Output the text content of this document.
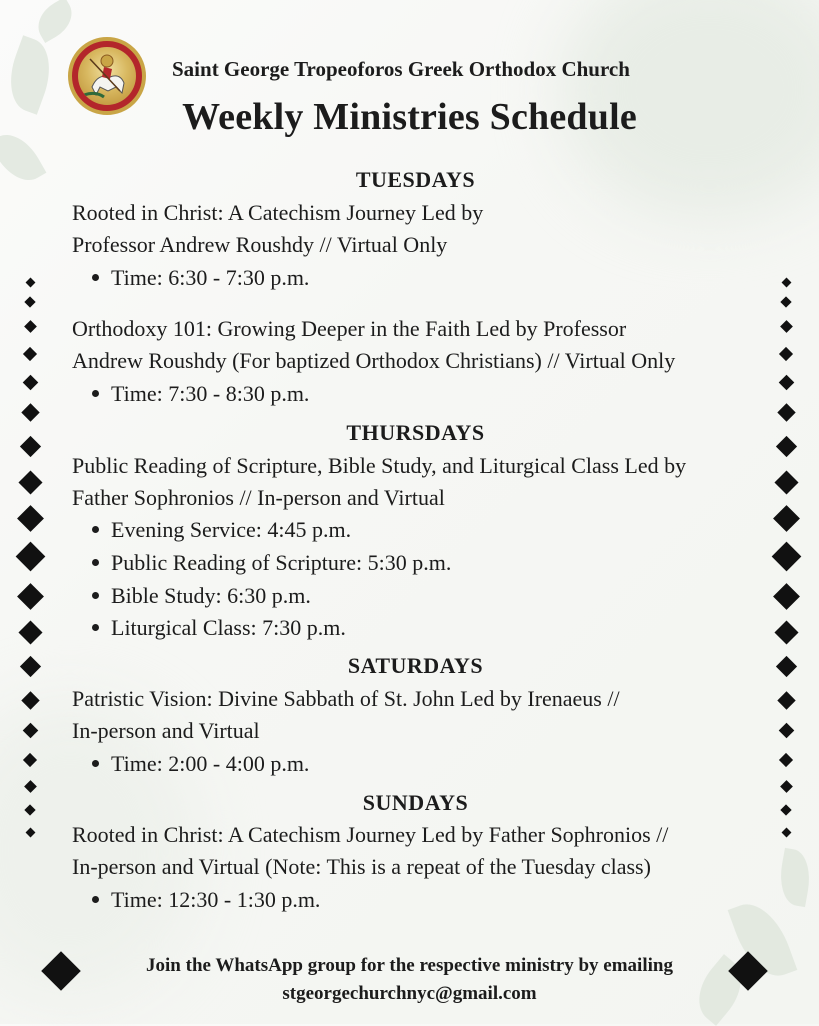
Saint George Tropeoforos Greek Orthodox Church
Weekly Ministries Schedule
TUESDAYS
Rooted in Christ: A Catechism Journey Led by
Professor Andrew Roushdy // Virtual Only
Time: 6:30 - 7:30 p.m.
Orthodoxy 101: Growing Deeper in the Faith Led by Professor
Andrew Roushdy (For baptized Orthodox Christians) // Virtual Only
Time: 7:30 - 8:30 p.m.
THURSDAYS
Public Reading of Scripture, Bible Study, and Liturgical Class Led by
Father Sophronios // In-person and Virtual
Evening Service: 4:45 p.m.
Public Reading of Scripture: 5:30 p.m.
Bible Study: 6:30 p.m.
Liturgical Class: 7:30 p.m.
SATURDAYS
Patristic Vision: Divine Sabbath of St. John Led by Irenaeus //
In-person and Virtual
Time: 2:00 - 4:00 p.m.
SUNDAYS
Rooted in Christ: A Catechism Journey Led by Father Sophronios //
In-person and Virtual (Note: This is a repeat of the Tuesday class)
Time: 12:30 - 1:30 p.m.
Join the WhatsApp group for the respective ministry by emailing
stgeorgechurchnyc@gmail.com
